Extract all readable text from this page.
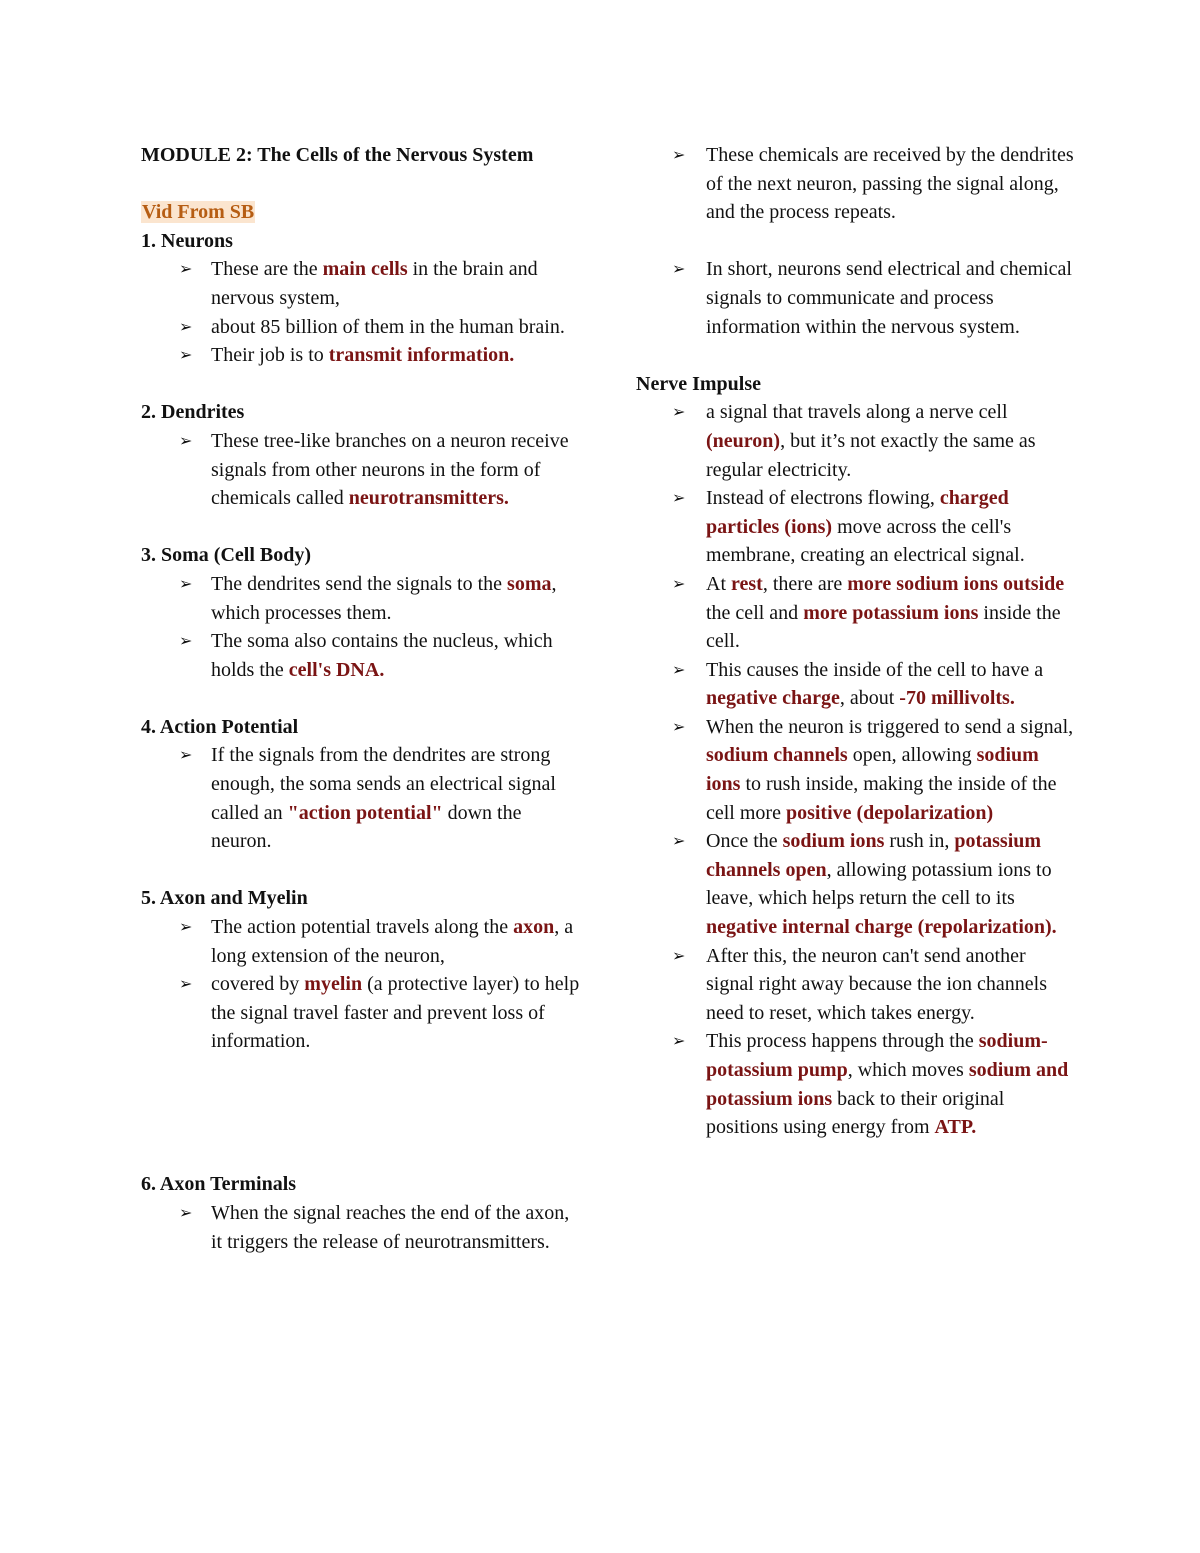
MODULE 2: The Cells of the Nervous System

Vid From SB

1. Neurons

➢ These are the main cells in the brain and nervous system,
➢ about 85 billion of them in the human brain.
➢ Their job is to transmit information.

2. Dendrites

➢ These tree-like branches on a neuron receive signals from other neurons in the form of chemicals called neurotransmitters.

3. Soma (Cell Body)

➢ The dendrites send the signals to the soma, which processes them.
➢ The soma also contains the nucleus, which holds the cell's DNA.

4. Action Potential

➢ If the signals from the dendrites are strong enough, the soma sends an electrical signal called an "action potential" down the neuron.

5. Axon and Myelin

➢ The action potential travels along the axon, a long extension of the neuron,
➢ covered by myelin (a protective layer) to help the signal travel faster and prevent loss of information.

6. Axon Terminals

➢ When the signal reaches the end of the axon, it triggers the release of neurotransmitters.
➢ These chemicals are received by the dendrites of the next neuron, passing the signal along, and the process repeats.
➢ In short, neurons send electrical and chemical signals to communicate and process information within the nervous system.

Nerve Impulse

➢ a signal that travels along a nerve cell (neuron), but it’s not exactly the same as regular electricity.
➢ Instead of electrons flowing, charged particles (ions) move across the cell's membrane, creating an electrical signal.
➢ At rest, there are more sodium ions outside the cell and more potassium ions inside the cell.
➢ This causes the inside of the cell to have a negative charge, about -70 millivolts.
➢ When the neuron is triggered to send a signal, sodium channels open, allowing sodium ions to rush inside, making the inside of the cell more positive (depolarization)
➢ Once the sodium ions rush in, potassium channels open, allowing potassium ions to leave, which helps return the cell to its negative internal charge (repolarization).
➢ After this, the neuron can't send another signal right away because the ion channels need to reset, which takes energy.
➢ This process happens through the sodium-potassium pump, which moves sodium and potassium ions back to their original positions using energy from ATP.
